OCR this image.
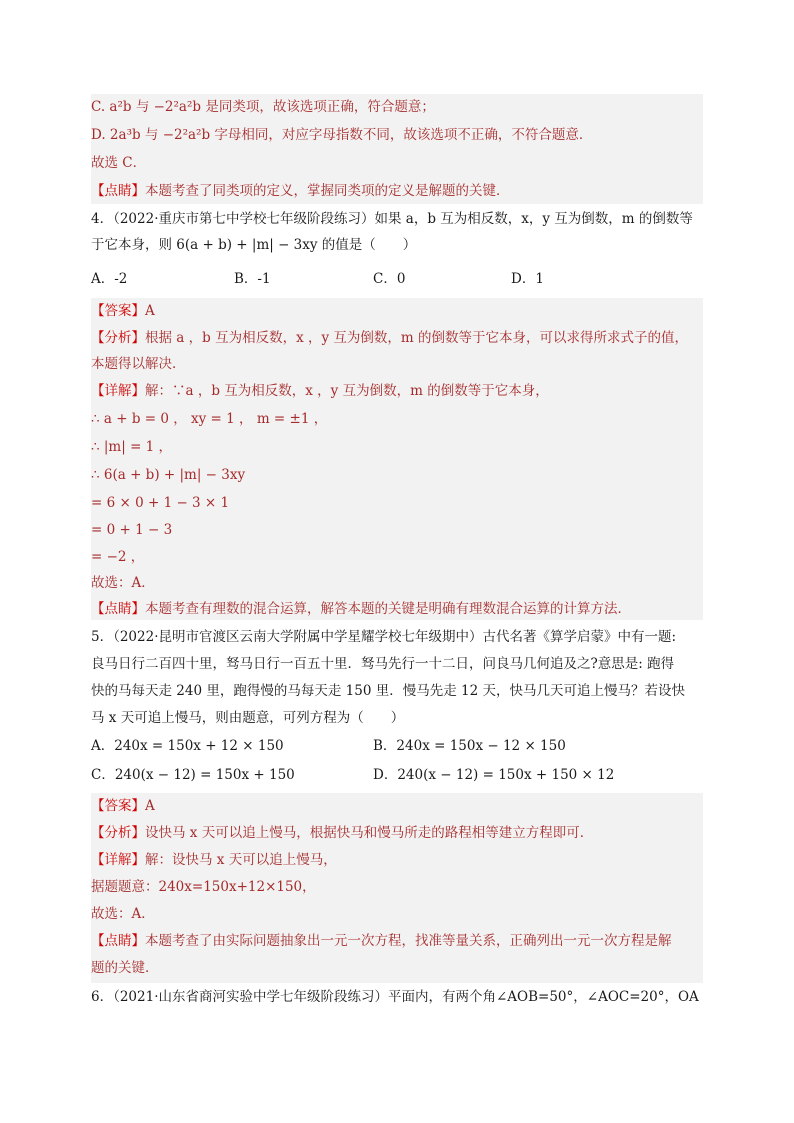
C. a²b 与 −2²a²b 是同类项，故该选项正确，符合题意；
D. 2a³b 与 −2²a²b 字母相同，对应字母指数不同，故该选项不正确，不符合题意．
故选 C．
【点睛】本题考查了同类项的定义，掌握同类项的定义是解题的关键．
4．（2022·重庆市第七中学校七年级阶段练习）如果 a，b 互为相反数，x，y 互为倒数，m 的倒数等
于它本身，则 6(a + b) + |m| − 3xy 的值是（　　）
A．-2	B．-1	C．0	D．1
【答案】A
【分析】根据 a ，b 互为相反数，x ，y 互为倒数，m 的倒数等于它本身，可以求得所求式子的值，
本题得以解决．
【详解】解：∵a ，b 互为相反数，x ，y 互为倒数，m 的倒数等于它本身，
∴ a + b = 0 ， xy = 1 ， m = ±1 ，
∴ |m| = 1 ，
∴ 6(a + b) + |m| − 3xy
= 6 × 0 + 1 − 3 × 1
= 0 + 1 − 3
= −2 ，
故选：A．
【点睛】本题考查有理数的混合运算，解答本题的关键是明确有理数混合运算的计算方法．
5．（2022·昆明市官渡区云南大学附属中学星耀学校七年级期中）古代名著《算学启蒙》中有一题:
良马日行二百四十里，驽马日行一百五十里．驽马先行一十二日，问良马几何追及之?意思是: 跑得
快的马每天走 240 里，跑得慢的马每天走 150 里．慢马先走 12 天，快马几天可追上慢马？若设快
马 x 天可追上慢马，则由题意，可列方程为（　　）
A．240x = 150x + 12 × 150	B．240x = 150x − 12 × 150
C．240(x − 12) = 150x + 150	D．240(x − 12) = 150x + 150 × 12
【答案】A
【分析】设快马 x 天可以追上慢马，根据快马和慢马所走的路程相等建立方程即可．
【详解】解：设快马 x 天可以追上慢马，
据题题意：240x=150x+12×150，
故选：A．
【点睛】本题考查了由实际问题抽象出一元一次方程，找准等量关系，正确列出一元一次方程是解
题的关键．
6．（2021·山东省商河实验中学七年级阶段练习）平面内，有两个角∠AOB=50°，∠AOC=20°，OA
